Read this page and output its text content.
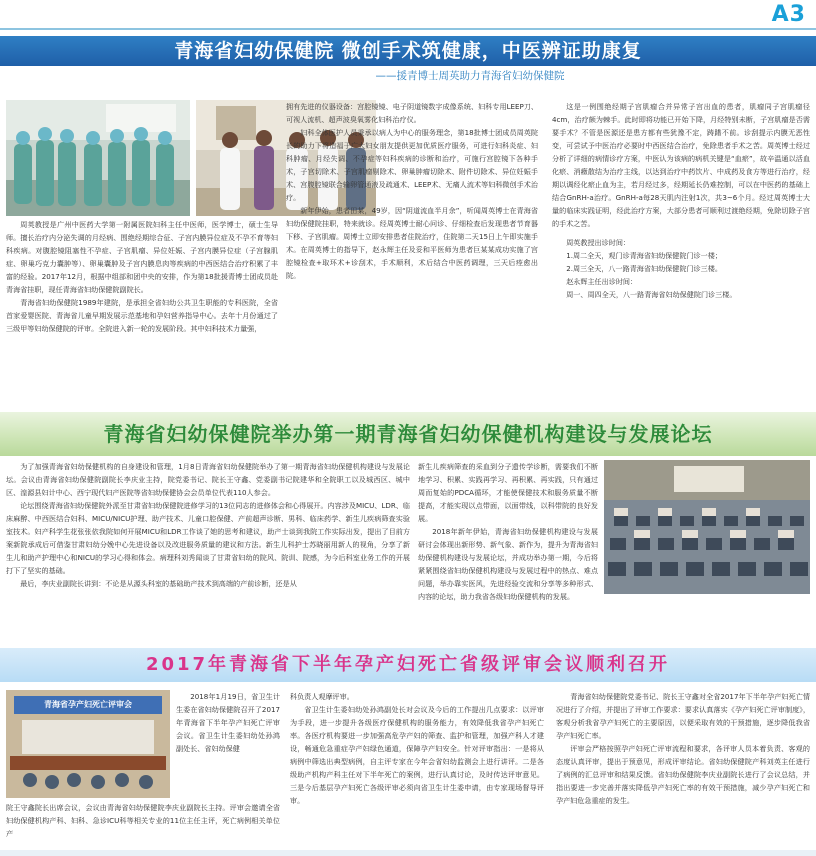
A3
青海省妇幼保健院 微创手术筑健康，中医辨证助康复
——援青博士周英助力青海省妇幼保健院

周英教授是广州中医药大学第一附属医院妇科主任中医师，医学博士，硕士生导师。擅长治疗内分泌失调的月经病、围绝经期综合征、子宫内膜异位症及不孕不育等妇科疾病。对腹腔镜阻塞性不孕症、子宫肌瘤、异位妊娠、子宫内膜异位症（子宫腺肌症、卵巢巧克力囊肿等）、卵巢囊肿及子宫内膜息肉等疾病的中西医结合治疗积累了丰富的经验。2017年12月，根据中组部和团中央的安排，作为第18批援青博士团成员赴青海省挂职，现任青海省妇幼保健院副院长。

青海省妇幼保健院1989年建院，是承担全省妇幼公共卫生职能的专科医院，全省首家爱婴医院、青海省儿童早期发展示范基地和孕妇营养指导中心。去年十月份通过了三级甲等妇幼保健院的评审。全院进入新一轮的发展阶段。其中妇科技术力量强，

拥有先进的仪器设备：宫腔镜镜、电子阴道镜数字成像系统、妇科专用LEEP刀、可视人流机、超声波臭氧雾化妇科治疗仪。

妇科全体医护人员秉承以病人为中心的服务理念，第18批博士团成员周英院长的助力下将造福于广大妇女朋友提供更加优质医疗服务，可进行妇科炎症、妇科肿瘤、月经失调、不孕症等妇科疾病的诊断和治疗，可施行宫腔镜下各种手术，子宫切除术、子宫肌瘤剔除术、卵巢肿瘤切除术、附件切除术、异位妊娠手术、宫腹腔镜联合输卵管通液及疏通术、LEEP术、无痛人流术等妇科微创手术治疗。

新年伊始，患者田某，49岁，因“阴道流血半月余”，听闻周英博士在青海省妇幼保健院挂职，特来就诊。经周英博士耐心问诊、仔细检查后发现患者节育器下移、子宫肌瘤。周博士立即安排患者住院治疗，住院第二天15日上午即实施手术。在周英博士的指导下，赵永辉主任及妥和平医师为患者巨某某成功实施了宫腔镜检查+取环术+诊刮术，手术顺利，术后结合中医药调理，三天后痊愈出院。

这是一例围绝经期子宫肌瘤合并异常子宫出血的患者，肌瘤同子宫肌瘤径4cm，治疗颇为棘手。此时即将功能已开始下降，月经特别未断，子宫肌瘤是否需要手术？不管是医源还是患方都有些犹豫不定，踌躇不前。诊刮提示内膜无恶性变，可尝试予中医治疗必要时中西医结合治疗，免除患者手术之苦。周英博士经过分析了详细的病情诊疗方案，中医认为该病的病机关键是“血瘀”，故辛温通以活血化瘀、消癥散结为治疗主线，以达到治疗中药饮片、中成药及食方等进行治疗，经期以调经化瘀止血为主，若月经过多，经期延长仍难控制，可以在中医药的基础上结合GnRH-a治疗。GnRH-a每28天肌内注射1次，共3~6个月。经过周英博士大量的临床实践证明，经此治疗方案，大部分患者可顺利过渡绝经期，免除切除子宫的手术之苦。

周英教授出诊时间：

1.周二全天，观门诊青海省妇幼保健院门诊一楼；

2.周三全天，八一路青海省妇幼保健院门诊三楼。

赵永辉主任出诊时间：

周一、周四全天，八一路青海省妇幼保健院门诊三楼。

青海省妇幼保健院举办第一期青海省妇幼保健机构建设与发展论坛

为了加强青海省妇幼保健机构的自身建设和管理，1月8日青海省妇幼保健院举办了第一期青海省妇幼保健机构建设与发展论坛。会议由青海省妇幼保健院副院长李庆业主持，院党委书记、院长王守鑫、党委副书记院建华和全院职工以及城西区、城中区、湟源县妇计中心、西宁现代妇产医院等省妇幼保健协会会员单位代表110人参会。

论坛围绕青海省妇幼保健院外派至甘肃省妇幼保健院进修学习的13位同志的进修体会和心得展开。内容涉及MICU、LDR、临床麻醉、中西医结合妇科、MICU/NICU护理、助产技术、儿童口腔保健、产前超声诊断、男科、临床药学、新生儿疾病筛查实验室技术。妇产科学生花张张依我院如何开展MICU和LDR工作谈了她的思考和建议，助产士谈到我院工作实际出发，提出了目前方案新院承成后可借鉴甘肃妇幼分娩中心先进设备以及改进服务质量的建议和方法。新生儿科护士苏晓丽用新人的视角，分享了新生儿和助产护理中心和NICU的学习心得和体会。病理科刘秀闻谈了甘肃省妇幼的院风、院训、院感，为今后科室业务工作的开展打下了坚实的基础。

最后，李庆业副院长讲到：不论是从源头科室的基础助产技术到高端的产前诊断，还是从

新生儿疾病筛查的采血到分子遗传学诊断，需要我们不断地学习、积累、实践再学习、再积累、再实践，只有通过周而复始的PDCA循环，才能使保健技术和服务质量不断提高，才能实现以点带面，以面带线，以科带院的良好发展。

2018年新年伊始，青海省妇幼保健机构建设与发展研讨会体现出新形势、新气象、新作为，提升为青海省妇幼保健机构建设与发展论坛，并成功举办第一期，今后将紧紧围绕省妇幼保健机构建设与发展过程中的热点、难点问题，举办靠实医风，先进经验交流和分享等多种形式、内容的论坛，助力我省各级妇幼保健机构的发展。

2017年青海省下半年孕产妇死亡省级评审会议顺利召开
青海省孕产妇死亡评审会

2018年1月19日，省卫生计生委在省妇幼保健院召开了2017年青海省下半年孕产妇死亡评审会议。省卫生计生委妇幼处孙鸿副处长、省妇幼保健

院王守鑫院长出席会议，会议由青海省妇幼保健院李庆业副院长主持。评审会邀请全省妇幼保健机构产科、妇科、急诊ICU科等相关专业的11位主任主评，死亡病例相关单位产

科负责人观摩评审。

省卫生计生委妇幼处孙鸿副处长对会议及今后的工作提出几点要求：以评审为手段，进一步提升各级医疗保健机构的服务能力，有效降低我省孕产妇死亡率。各医疗机构要进一步加强高危孕产妇的筛查、监护和管理，加强产科人才建设，畅通危急重症孕产妇绿色通道，保障孕产妇安全。针对评审指出：一是将从病例中筛选出典型病例，自主评专家在今年会省妇幼监测会上进行讲评。二是各级助产机构产科主任对下半年死亡的案例，进行认真讨论，及时传达评审意见。三是今后基层孕产妇死亡各级评审必须向省卫生计生委申请，由专家现场督导评审。

青海省妇幼保健院党委书记、院长王守鑫对全省2017年下半年孕产妇死亡情况进行了介绍，并提出了评审工作要求：要求认真落实《孕产妇死亡评审制度》，客观分析我省孕产妇死亡的主要原因，以便采取有效的干预措施，逐步降低我省孕产妇死亡率。

评审会严格按照孕产妇死亡评审流程和要求，各评审人员本着负责、客观的态度认真评审，提出于预意见，形成评审结论。省妇幼保健院产科刘英主任进行了病例的汇总评审和结果反馈。省妇幼保健院李庆业副院长进行了会议总结，并指出要进一步完善并落实降低孕产妇死亡率的有效干预措施，减少孕产妇死亡和孕产妇危急重症的发生。
